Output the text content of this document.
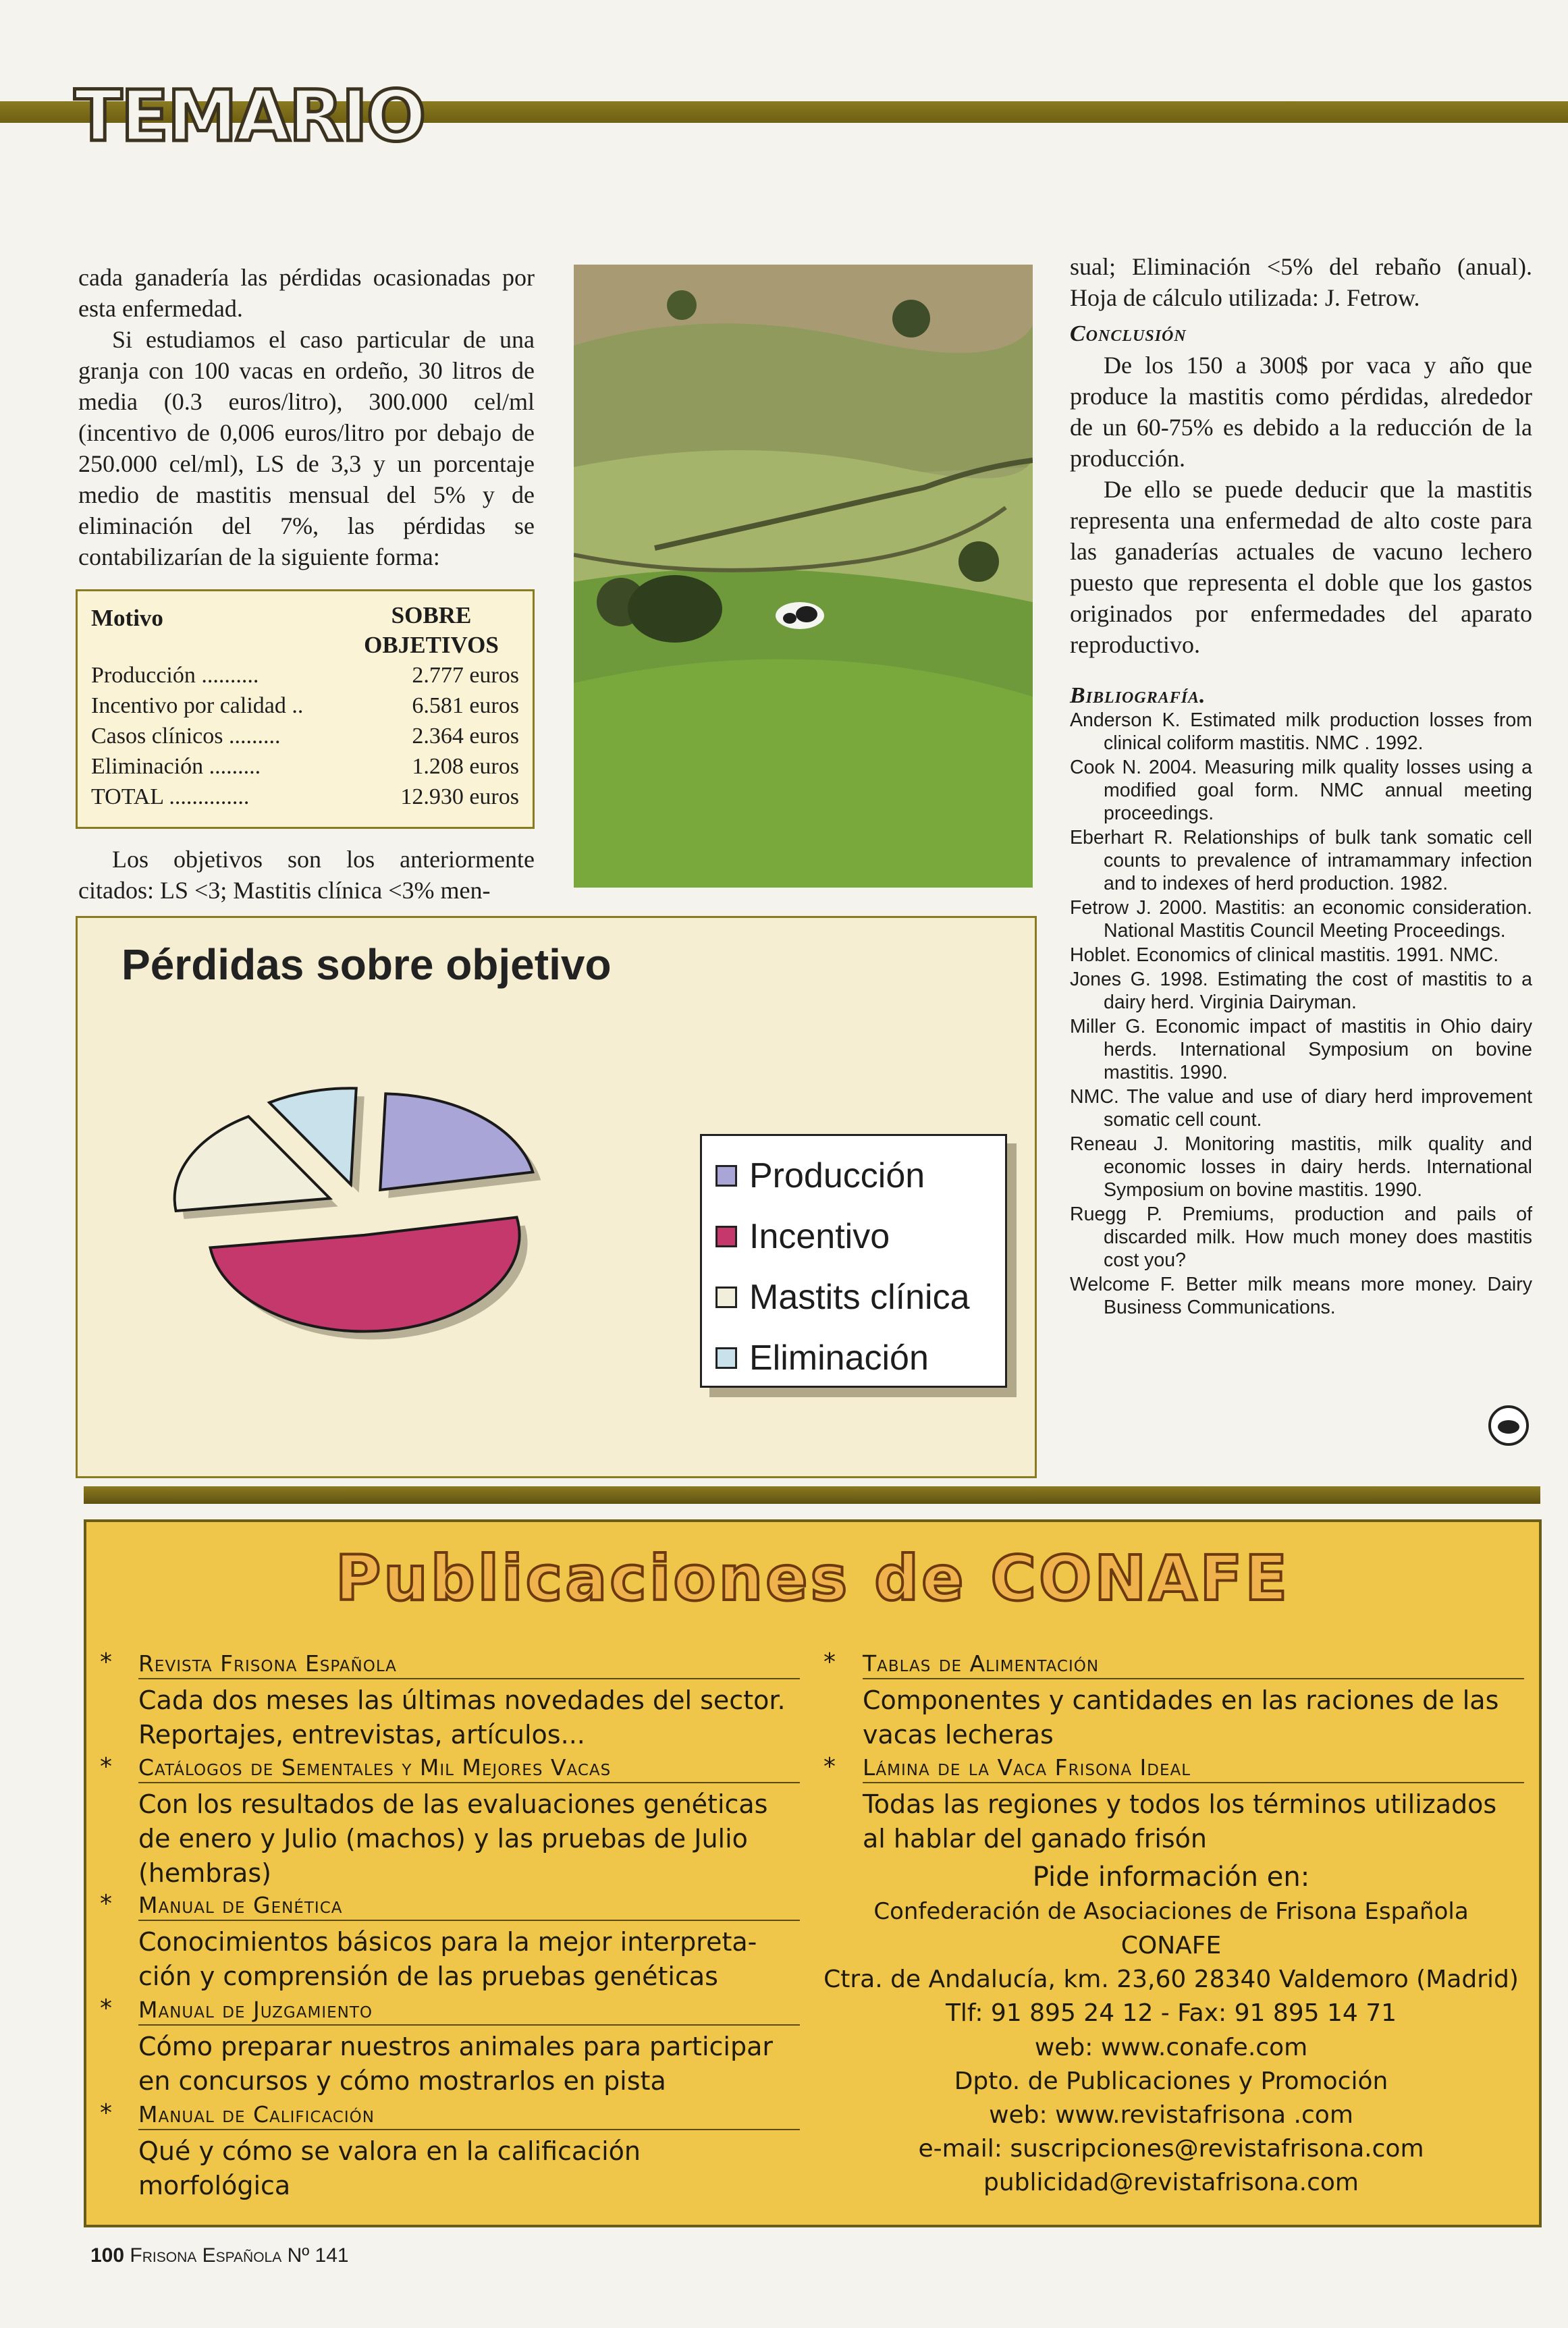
TEMARIO

cada ganadería las pérdidas ocasionadas por esta enfermedad.

Si estudiamos el caso particular de una granja con 100 vacas en ordeño, 30 litros de media (0.3 euros/litro), 300.000 cel/ml (incentivo de 0,006 euros/litro por debajo de 250.000 cel/ml), LS de 3,3 y un porcentaje medio de mastitis mensual del 5% y de eliminación del 7%, las pérdidas se contabilizarían de la siguiente forma:

Motivo	SOBRE
OBJETIVOS
Producción ..........	2.777 euros
Incentivo por calidad ..	6.581 euros
Casos clínicos .........	2.364 euros
Eliminación .........	1.208 euros
TOTAL ..............	12.930 euros

Los objetivos son los anteriormente citados: LS <3; Mastitis clínica <3% men-

sual; Eliminación <5% del rebaño (anual). Hoja de cálculo utilizada: J. Fetrow.

Conclusión

De los 150 a 300$ por vaca y año que produce la mastitis como pérdidas, alrededor de un 60-75% es debido a la reducción de la producción.

De ello se puede deducir que la mastitis representa una enfermedad de alto coste para las ganaderías actuales de vacuno lechero puesto que representa el doble que los gastos originados por enfermedades del aparato reproductivo.

Bibliografía.

Anderson K. Estimated milk production losses from clinical coliform mastitis. NMC . 1992.

Cook N. 2004. Measuring milk quality losses using a modified goal form. NMC annual meeting proceedings.

Eberhart R. Relationships of bulk tank somatic cell counts to prevalence of intramammary infection and to indexes of herd production. 1982.

Fetrow J. 2000. Mastitis: an economic consideration. National Mastitis Council Meeting Proceedings.

Hoblet. Economics of clinical mastitis. 1991. NMC.

Jones G. 1998. Estimating the cost of mastitis to a dairy herd. Virginia Dairyman.

Miller G. Economic impact of mastitis in Ohio dairy herds. International Symposium on bovine mastitis. 1990.

NMC. The value and use of diary herd improvement somatic cell count.

Reneau J. Monitoring mastitis, milk quality and economic losses in dairy herds. International Symposium on bovine mastitis. 1990.

Ruegg P. Premiums, production and pails of discarded milk. How much money does mastitis cost you?

Welcome F. Better milk means more money. Dairy Business Communications.

Pérdidas sobre objetivo
Producción
Incentivo
Mastits clínica
Eliminación
Publicaciones de CONAFE
* Revista Frisona Española
Cada dos meses las últimas novedades del sector.
Reportajes, entrevistas, artículos...
* Catálogos de Sementales y Mil Mejores Vacas
Con los resultados de las evaluaciones genéticas
de enero y Julio (machos) y las pruebas de Julio
(hembras)
* Manual de Genética
Conocimientos básicos para la mejor interpreta-
ción y comprensión de las pruebas genéticas
* Manual de Juzgamiento
Cómo preparar nuestros animales para participar
en concursos y cómo mostrarlos en pista
* Manual de Calificación
Qué y cómo se valora en la calificación
morfológica
* Tablas de Alimentación
Componentes y cantidades en las raciones de las
vacas lecheras
* Lámina de la Vaca Frisona Ideal
Todas las regiones y todos los términos utilizados
al hablar del ganado frisón
Pide información en:
Confederación de Asociaciones de Frisona Española
CONAFE
Ctra. de Andalucía, km. 23,60 28340 Valdemoro (Madrid)
Tlf: 91 895 24 12 - Fax: 91 895 14 71
web: www.conafe.com
Dpto. de Publicaciones y Promoción
web: www.revistafrisona .com
e-mail: suscripciones@revistafrisona.com
publicidad@revistafrisona.com
100 Frisona Española Nº 141
